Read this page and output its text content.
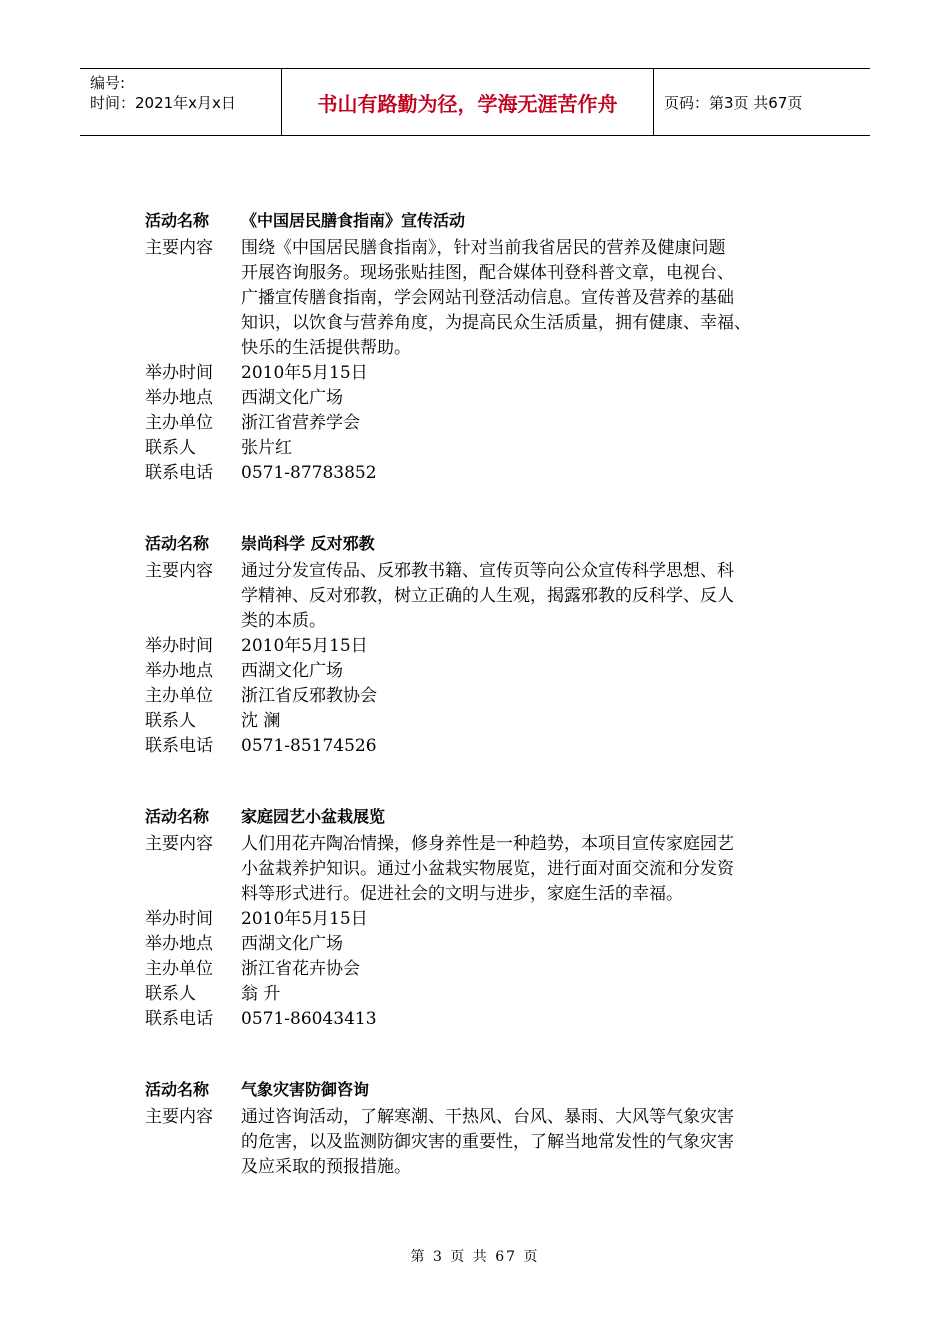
编号:
时间：2021年x月x日	书山有路勤为径，学海无涯苦作舟	页码：第3页 共67页
活动名称	《中国居民膳食指南》宣传活动
主要内容	围绕《中国居民膳食指南》，针对当前我省居民的营养及健康问题
开展咨询服务。现场张贴挂图，配合媒体刊登科普文章，电视台、
广播宣传膳食指南，学会网站刊登活动信息。宣传普及营养的基础
知识，以饮食与营养角度，为提高民众生活质量，拥有健康、幸福、
快乐的生活提供帮助。
举办时间	2010年5月15日
举办地点	西湖文化广场
主办单位	浙江省营养学会
联系人	张片红
联系电话	0571-87783852
活动名称	崇尚科学 反对邪教
主要内容	通过分发宣传品、反邪教书籍、宣传页等向公众宣传科学思想、科
学精神、反对邪教，树立正确的人生观，揭露邪教的反科学、反人
类的本质。
举办时间	2010年5月15日
举办地点	西湖文化广场
主办单位	浙江省反邪教协会
联系人	沈 澜
联系电话	0571-85174526
活动名称	家庭园艺小盆栽展览
主要内容	人们用花卉陶冶情操，修身养性是一种趋势，本项目宣传家庭园艺
小盆栽养护知识。通过小盆栽实物展览，进行面对面交流和分发资
料等形式进行。促进社会的文明与进步，家庭生活的幸福。
举办时间	2010年5月15日
举办地点	西湖文化广场
主办单位	浙江省花卉协会
联系人	翁 升
联系电话	0571-86043413
活动名称	气象灾害防御咨询
主要内容	通过咨询活动，了解寒潮、干热风、台风、暴雨、大风等气象灾害
的危害，以及监测防御灾害的重要性，了解当地常发性的气象灾害
及应采取的预报措施。
第 3 页 共 67 页
